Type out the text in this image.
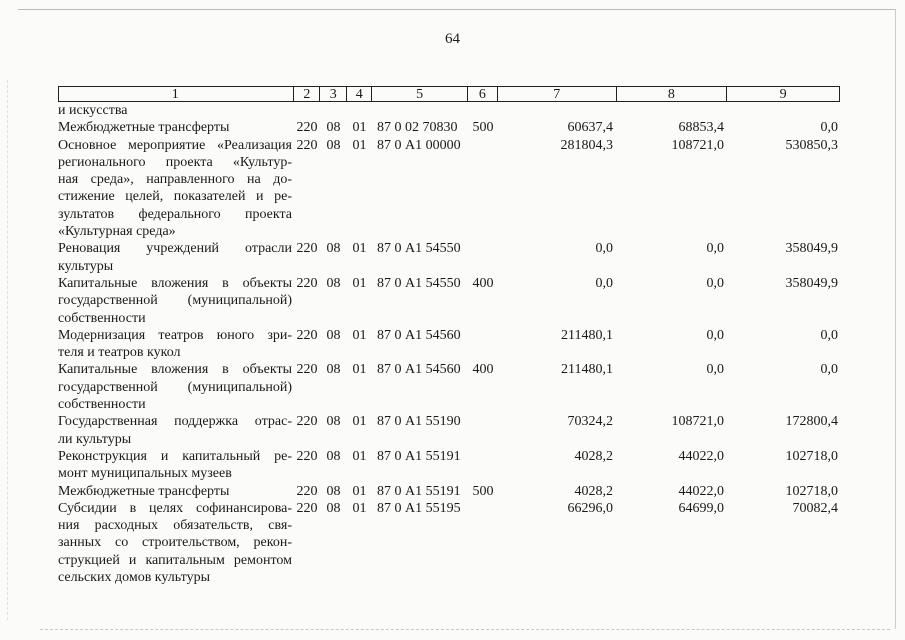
64
1	2	3	4	5	6	7	8	9
и искусства
Межбюджетные трансферты	220 08 01 87 0 02 70830	500	60637,4	68853,4	0,0
Основное мероприятие «Реализация
регионального проекта «Культур-
ная среда», направленного на до-
стижение целей, показателей и ре-
зультатов федерального проекта
«Культурная среда»
220 08 01 87 0 А1 00000	281804,3	108721,0	530850,3
Реновация учреждений отрасли
культуры
220 08 01 87 0 А1 54550	0,0	0,0	358049,9
Капитальные вложения в объекты
государственной (муниципальной)
собственности
220 08 01 87 0 А1 54550 400	0,0	0,0	358049,9
Модернизация театров юного зри-
теля и театров кукол
220 08 01 87 0 А1 54560	211480,1	0,0	0,0
Капитальные вложения в объекты
государственной (муниципальной)
собственности
220 08 01 87 0 А1 54560 400	211480,1	0,0	0,0
Государственная поддержка отрас-
ли культуры
220 08 01 87 0 А1 55190	70324,2	108721,0	172800,4
Реконструкция и капитальный ре-
монт муниципальных музеев
220 08 01 87 0 А1 55191	4028,2	44022,0	102718,0
Межбюджетные трансферты	220 08 01 87 0 А1 55191 500	4028,2	44022,0	102718,0
Субсидии в целях софинансирова-
ния расходных обязательств, свя-
занных со строительством, рекон-
струкцией и капитальным ремонтом
сельских домов культуры
220 08 01 87 0 А1 55195	66296,0	64699,0	70082,4
